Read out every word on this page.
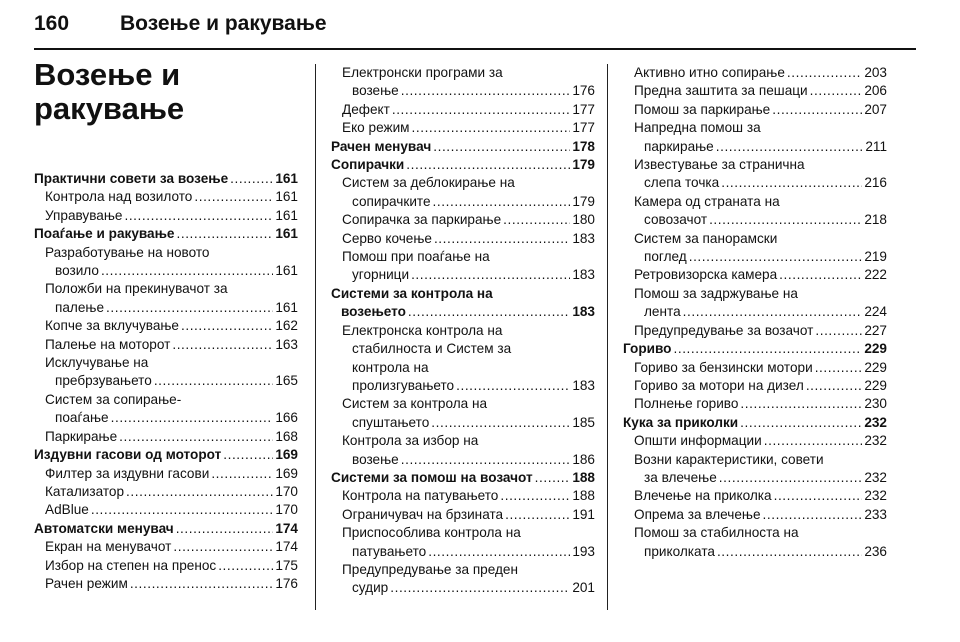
160 Возење и ракување
Возење и
ракување
Практични совети за возење . . .	161
Контрола над возилото . . .	161
Управување . . .	161
Поаѓање и ракување . . .	161
Разработување на новото
возило . . .	161
Положби на прекинувачот за
палење . . .	161
Копче за вклучување . . .	162
Палење на моторот . . .	163
Исклучување на
пребрзувањето . . .	165
Систем за сопирање-
поаѓање . . .	166
Паркирање . . .	168
Издувни гасови од моторот . . .	169
Филтер за издувни гасови . . .	169
Катализатор . . .	170
AdBlue . . .	170
Автоматски менувач . . .	174
Екран на менувачот . . .	174
Избор на степен на пренос . . .	175
Рачен режим . . .	176
Електронски програми за
возење . . .	176
Дефект . . .	177
Еко режим . . .	177
Рачен менувач . . .	178
Сопирачки . . .	179
Систем за деблокирање на
сопирачките . . .	179
Сопирачка за паркирање . . .	180
Серво кочење . . .	183
Помош при поаѓање на
угорници . . .	183
Системи за контрола на
возењето . . .	183
Електронска контрола на
стабилноста и Систем за
контрола на
пролизгувањето . . .	183
Систем за контрола на
спуштањето . . .	185
Контрола за избор на
возење . . .	186
Системи за помош на возачот . . .	188
Контрола на патувањето . . .	188
Ограничувач на брзината . . .	191
Приспособлива контрола на
патувањето . . .	193
Предупредување за преден
судир . . .	201
Активно итно сопирање . . .	203
Предна заштита за пешаци . . .	206
Помош за паркирање . . .	207
Напредна помош за
паркирање . . .	211
Известување за странична
слепа точка . . .	216
Камера од страната на
совозачот . . .	218
Систем за панорамски
поглед . . .	219
Ретровизорска камера . . .	222
Помош за задржување на
лента . . .	224
Предупредување за возачот . . .	227
Гориво . . .	229
Гориво за бензински мотори . . .	229
Гориво за мотори на дизел . . .	229
Полнење гориво . . .	230
Кука за приколки . . .	232
Општи информации . . .	232
Возни карактеристики, совети
за влечење . . .	232
Влечење на приколка . . .	232
Опрема за влечење . . .	233
Помош за стабилноста на
приколката . . .	236
